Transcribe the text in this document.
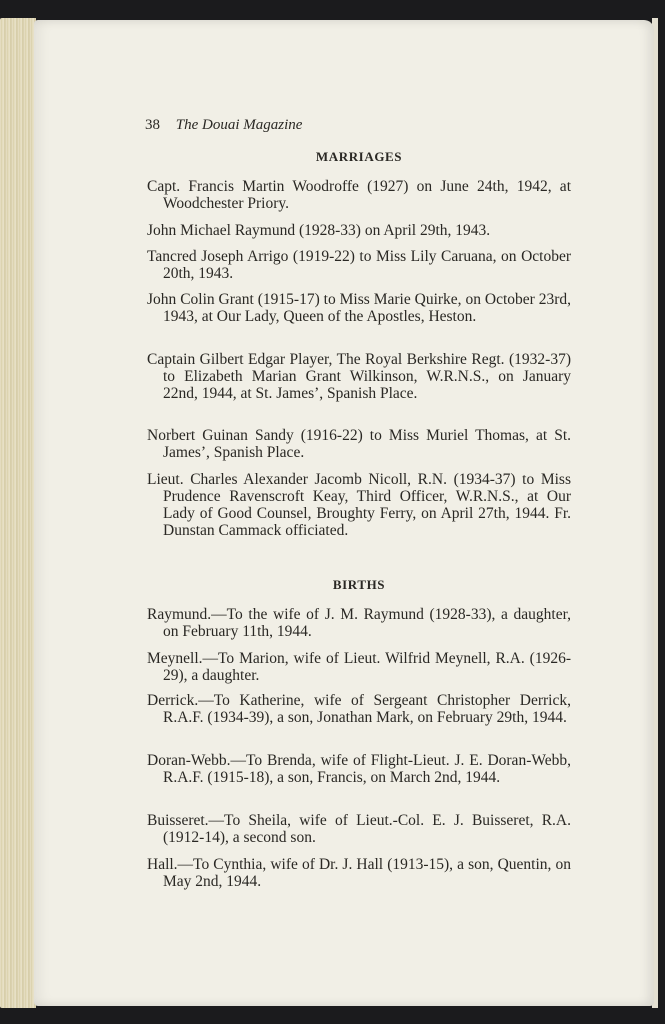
38 The Douai Magazine
MARRIAGES
Capt. Francis Martin Woodroffe (1927) on June 24th, 1942, at Woodchester Priory.
John Michael Raymund (1928-33) on April 29th, 1943.
Tancred Joseph Arrigo (1919-22) to Miss Lily Caruana, on October 20th, 1943.
John Colin Grant (1915-17) to Miss Marie Quirke, on October 23rd, 1943, at Our Lady, Queen of the Apostles, Heston.
Captain Gilbert Edgar Player, The Royal Berkshire Regt. (1932-37) to Elizabeth Marian Grant Wilkinson, W.R.N.S., on January 22nd, 1944, at St. James’, Spanish Place.
Norbert Guinan Sandy (1916-22) to Miss Muriel Thomas, at St. James’, Spanish Place.
Lieut. Charles Alexander Jacomb Nicoll, R.N. (1934-37) to Miss Prudence Ravenscroft Keay, Third Officer, W.R.N.S., at Our Lady of Good Counsel, Broughty Ferry, on April 27th, 1944. Fr. Dunstan Cammack officiated.
BIRTHS
Raymund.—To the wife of J. M. Raymund (1928-33), a daughter, on February 11th, 1944.
Meynell.—To Marion, wife of Lieut. Wilfrid Meynell, R.A. (1926-29), a daughter.
Derrick.—To Katherine, wife of Sergeant Christopher Derrick, R.A.F. (1934-39), a son, Jonathan Mark, on February 29th, 1944.
Doran-Webb.—To Brenda, wife of Flight-Lieut. J. E. Doran-Webb, R.A.F. (1915-18), a son, Francis, on March 2nd, 1944.
Buisseret.—To Sheila, wife of Lieut.-Col. E. J. Buisseret, R.A. (1912-14), a second son.
Hall.—To Cynthia, wife of Dr. J. Hall (1913-15), a son, Quentin, on May 2nd, 1944.
